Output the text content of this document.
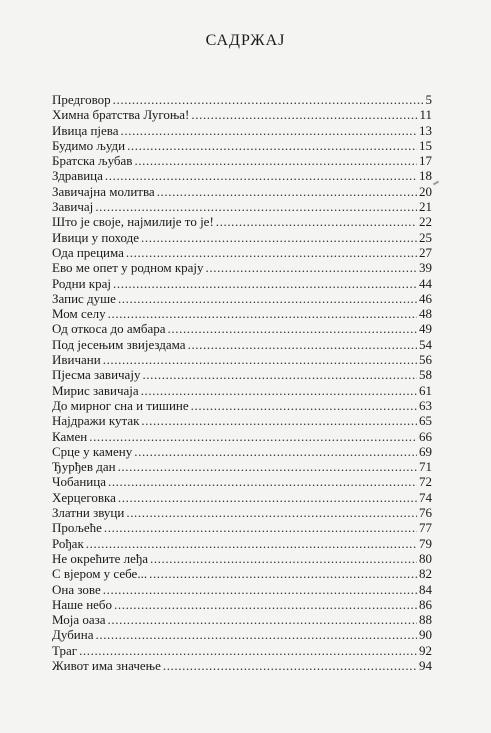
САДРЖАЈ
Предговор .....	5
Химна братства Лугоња! .....	11
Ивица пјева .....	13
Будимо људи .....	15
Братска љубав .....	17
Здравица .....	18
Завичајна молитва .....	20
Завичај .....	21
Што је своје, најмилије то је! .....	22
Ивици у походе .....	25
Ода прецима .....	27
Ево ме опет у родном крају .....	39
Родни крај .....	44
Запис душе .....	46
Мом селу .....	48
Од откоса до амбара .....	49
Под јесењим звијездама .....	54
Ивичани .....	56
Пјесма завичају .....	58
Мирис завичаја .....	61
До мирног сна и тишине .....	63
Најдражи кутак .....	65
Камен .....	66
Срце у камену .....	69
Ђурђев дан .....	71
Чобаница .....	72
Херцеговка .....	74
Златни звуци .....	76
Прољеће .....	77
Рођак .....	79
Не окрећите леђа .....	80
С вјером у себе... .....	82
Она зове .....	84
Наше небо .....	86
Моја оаза .....	88
Дубина .....	90
Траг .....	92
Живот има значење .....	94
